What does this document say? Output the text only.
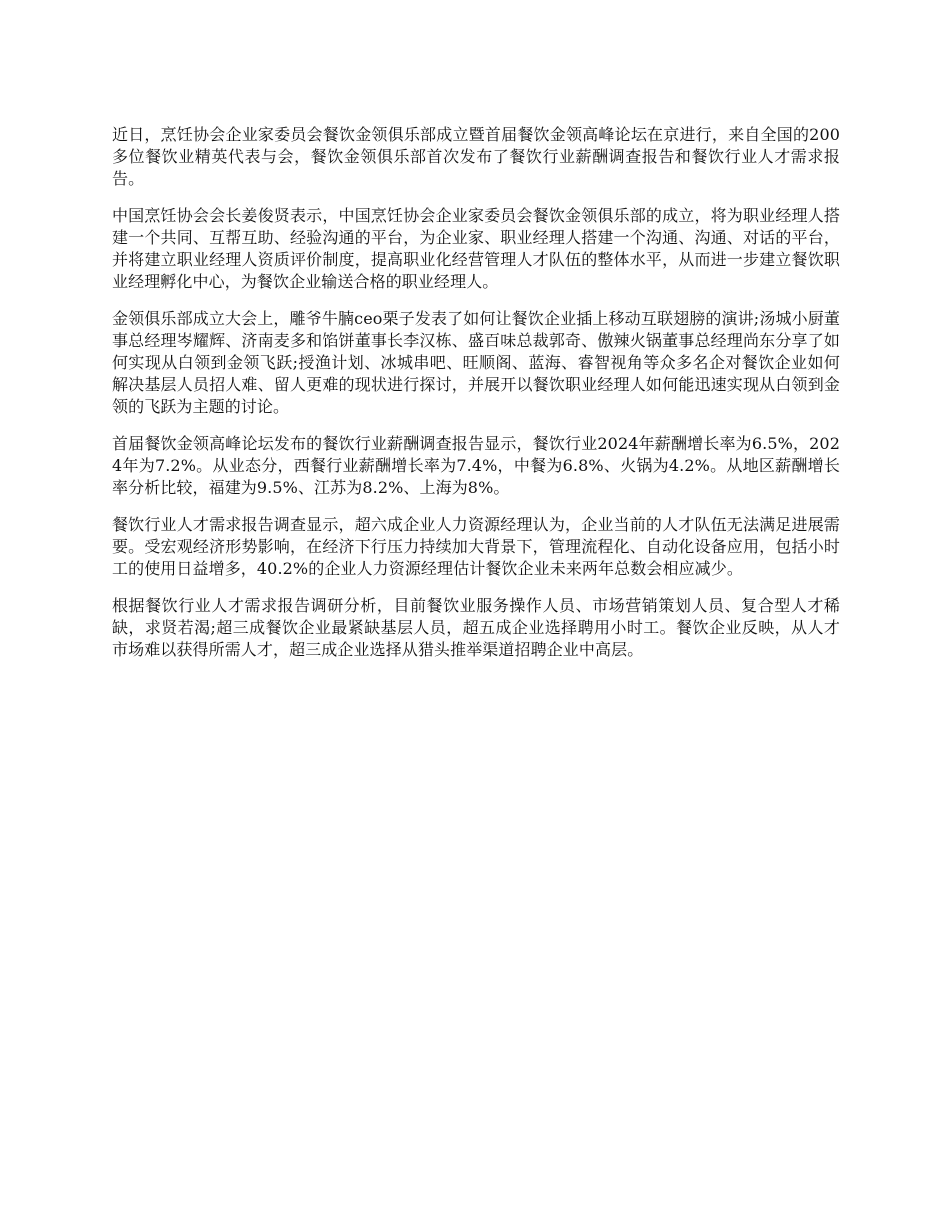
近日，烹饪协会企业家委员会餐饮金领俱乐部成立暨首届餐饮金领高峰论坛在京进行，来自全国的200多位餐饮业精英代表与会，餐饮金领俱乐部首次发布了餐饮行业薪酬调查报告和餐饮行业人才需求报告。

中国烹饪协会会长姜俊贤表示，中国烹饪协会企业家委员会餐饮金领俱乐部的成立，将为职业经理人搭建一个共同、互帮互助、经验沟通的平台，为企业家、职业经理人搭建一个沟通、沟通、对话的平台，并将建立职业经理人资质评价制度，提高职业化经营管理人才队伍的整体水平，从而进一步建立餐饮职业经理孵化中心，为餐饮企业输送合格的职业经理人。

金领俱乐部成立大会上，雕爷牛腩ceo栗子发表了如何让餐饮企业插上移动互联翅膀的演讲;汤城小厨董事总经理岑耀辉、济南麦多和馅饼董事长李汉栋、盛百味总裁郭奇、傲辣火锅董事总经理尚东分享了如何实现从白领到金领飞跃;授渔计划、冰城串吧、旺顺阁、蓝海、睿智视角等众多名企对餐饮企业如何解决基层人员招人难、留人更难的现状进行探讨，并展开以餐饮职业经理人如何能迅速实现从白领到金领的飞跃为主题的讨论。

首届餐饮金领高峰论坛发布的餐饮行业薪酬调查报告显示，餐饮行业2024年薪酬增长率为6.5%，2024年为7.2%。从业态分，西餐行业薪酬增长率为7.4%，中餐为6.8%、火锅为4.2%。从地区薪酬增长率分析比较，福建为9.5%、江苏为8.2%、上海为8%。

餐饮行业人才需求报告调查显示，超六成企业人力资源经理认为，企业当前的人才队伍无法满足进展需要。受宏观经济形势影响，在经济下行压力持续加大背景下，管理流程化、自动化设备应用，包括小时工的使用日益增多，40.2%的企业人力资源经理估计餐饮企业未来两年总数会相应减少。

根据餐饮行业人才需求报告调研分析，目前餐饮业服务操作人员、市场营销策划人员、复合型人才稀缺，求贤若渴;超三成餐饮企业最紧缺基层人员，超五成企业选择聘用小时工。餐饮企业反映，从人才市场难以获得所需人才，超三成企业选择从猎头推举渠道招聘企业中高层。
